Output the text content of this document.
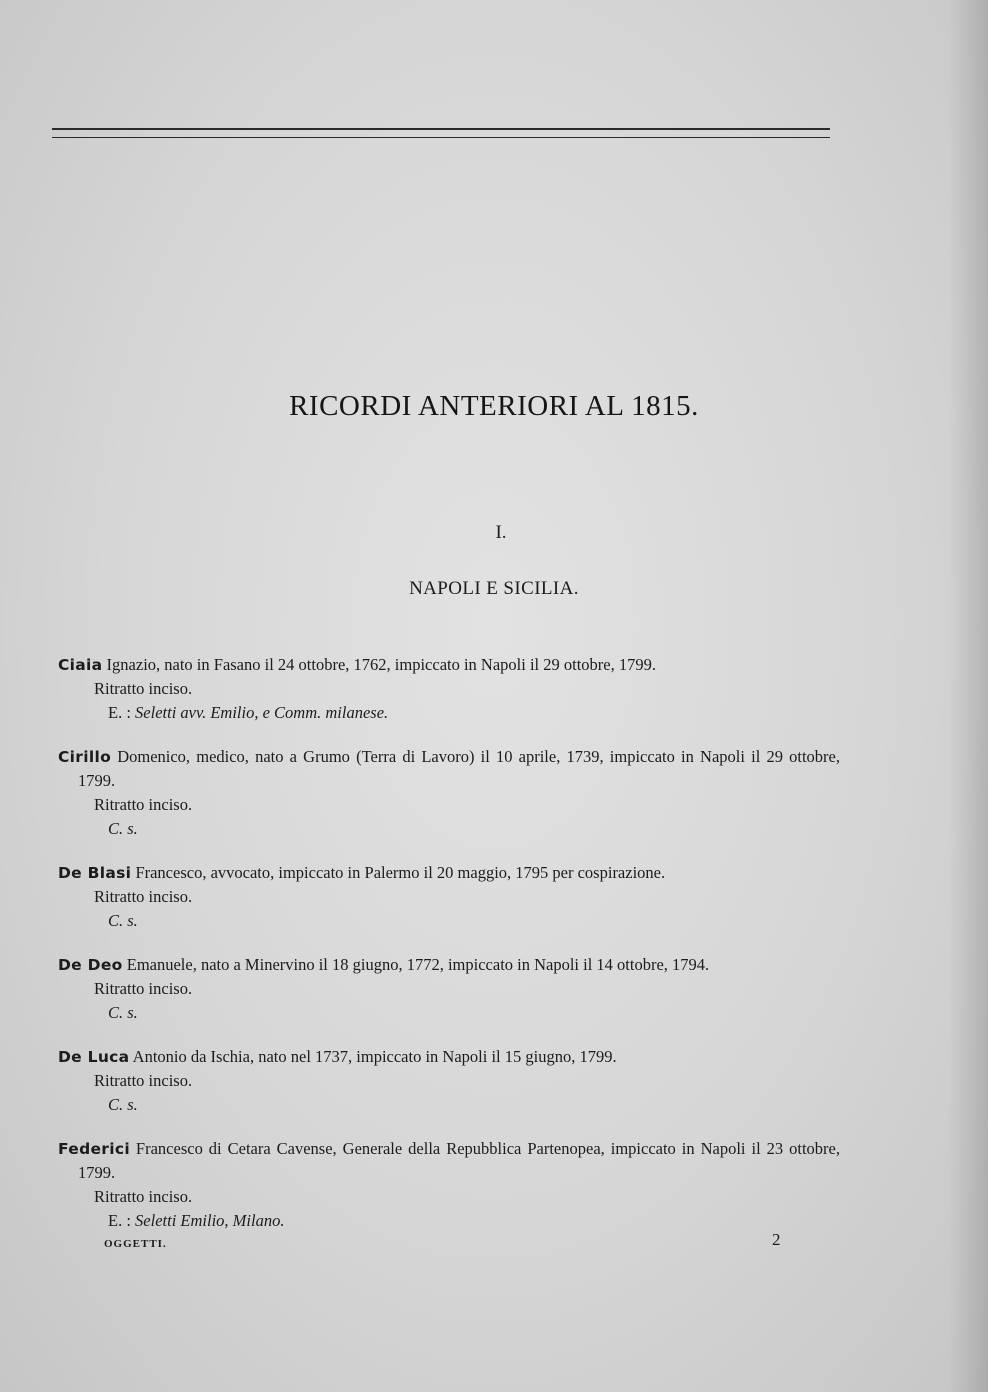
RICORDI ANTERIORI AL 1815.
I.
NAPOLI E SICILIA.
Ciaia Ignazio, nato in Fasano il 24 ottobre, 1762, impiccato in Napoli il 29 ottobre, 1799.
Ritratto inciso.
E. : Seletti avv. Emilio, e Comm. milanese.
Cirillo Domenico, medico, nato a Grumo (Terra di Lavoro) il 10 aprile, 1739, impiccato in Napoli il 29 ottobre, 1799.
Ritratto inciso.
C. s.
De Blasi Francesco, avvocato, impiccato in Palermo il 20 maggio, 1795 per cospirazione.
Ritratto inciso.
C. s.
De Deo Emanuele, nato a Minervino il 18 giugno, 1772, impiccato in Napoli il 14 ottobre, 1794.
Ritratto inciso.
C. s.
De Luca Antonio da Ischia, nato nel 1737, impiccato in Napoli il 15 giugno, 1799.
Ritratto inciso.
C. s.
Federici Francesco di Cetara Cavense, Generale della Repubblica Partenopea, impiccato in Napoli il 23 ottobre, 1799.
Ritratto inciso.
E. : Seletti Emilio, Milano.
OGGETTI.	2
